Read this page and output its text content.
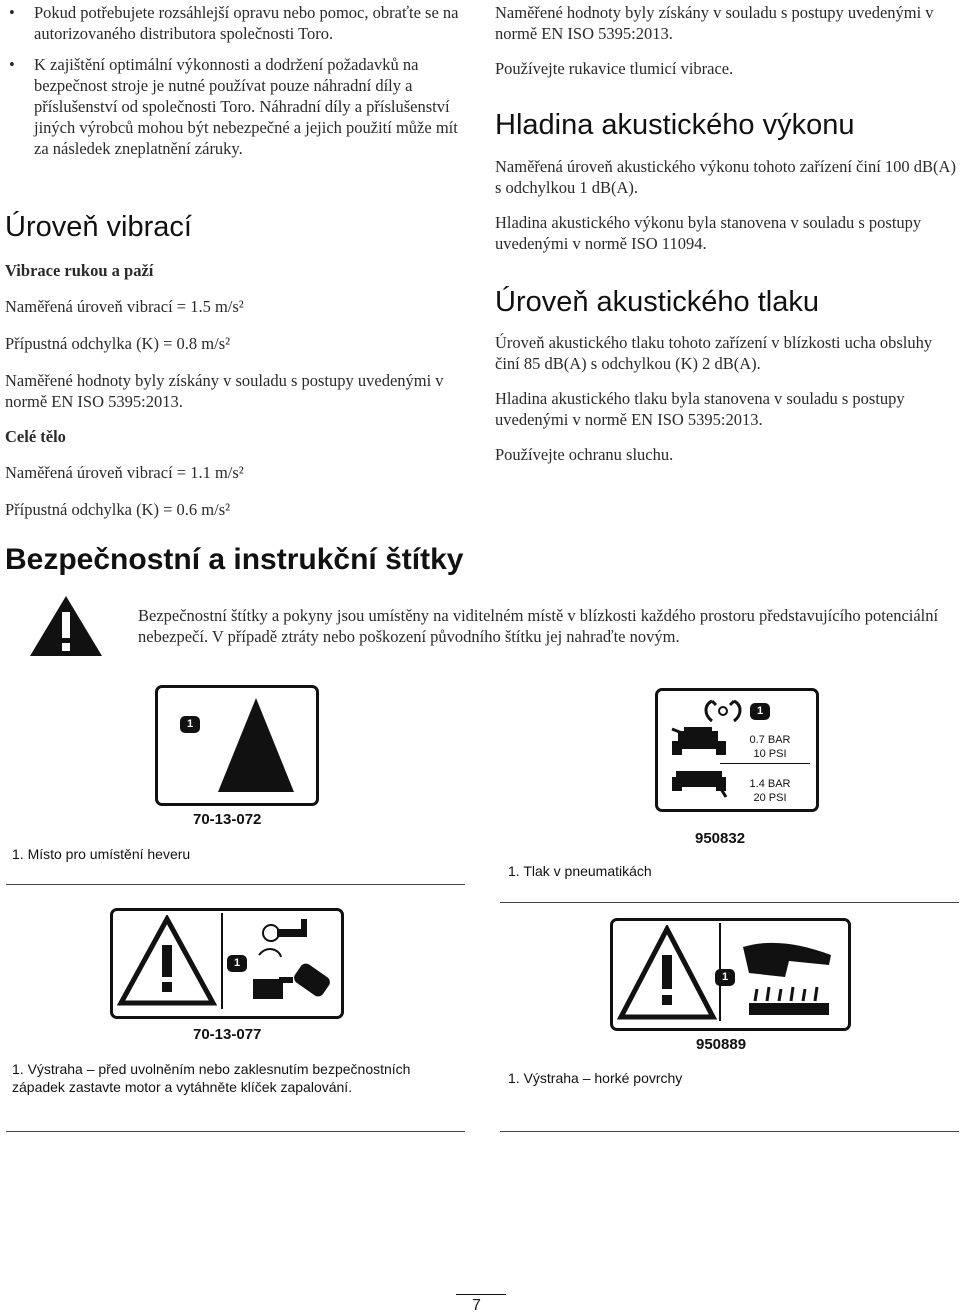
• Pokud potřebujete rozsáhlejší opravu nebo pomoc, obraťte se na autorizovaného distributora společnosti Toro.
• K zajištění optimální výkonnosti a dodržení požadavků na bezpečnost stroje je nutné používat pouze náhradní díly a příslušenství od společnosti Toro. Náhradní díly a příslušenství jiných výrobců mohou být nebezpečné a jejich použití může mít za následek zneplatnění záruky.
Úroveň vibrací

Vibrace rukou a paží

Naměřená úroveň vibrací = 1.5 m/s²

Přípustná odchylka (K) = 0.8 m/s²

Naměřené hodnoty byly získány v souladu s postupy uvedenými v normě EN ISO 5395:2013.

Celé tělo

Naměřená úroveň vibrací = 1.1 m/s²

Přípustná odchylka (K) = 0.6 m/s²

Naměřené hodnoty byly získány v souladu s postupy uvedenými v normě EN ISO 5395:2013.

Používejte rukavice tlumicí vibrace.

Hladina akustického výkonu

Naměřená úroveň akustického výkonu tohoto zařízení činí 100 dB(A) s odchylkou 1 dB(A).

Hladina akustického výkonu byla stanovena v souladu s postupy uvedenými v normě ISO 11094.

Úroveň akustického tlaku

Úroveň akustického tlaku tohoto zařízení v blízkosti ucha obsluhy činí 85 dB(A) s odchylkou (K) 2 dB(A).

Hladina akustického tlaku byla stanovena v souladu s postupy uvedenými v normě EN ISO 5395:2013.

Používejte ochranu sluchu.

Bezpečnostní a instrukční štítky

Bezpečnostní štítky a pokyny jsou umístěny na viditelném místě v blízkosti každého prostoru představujícího potenciální nebezpečí. V případě ztráty nebo poškození původního štítku jej nahraďte novým.

1
70-13-072
1. Místo pro umístění heveru
1
0.7 BAR
10 PSI
1.4 BAR
20 PSI
950832
1. Tlak v pneumatikách
1
70-13-077
1. Výstraha – před uvolněním nebo zaklesnutím bezpečnostních západek zastavte motor a vytáhněte klíček zapalování.
1
950889
1. Výstraha – horké povrchy
7
